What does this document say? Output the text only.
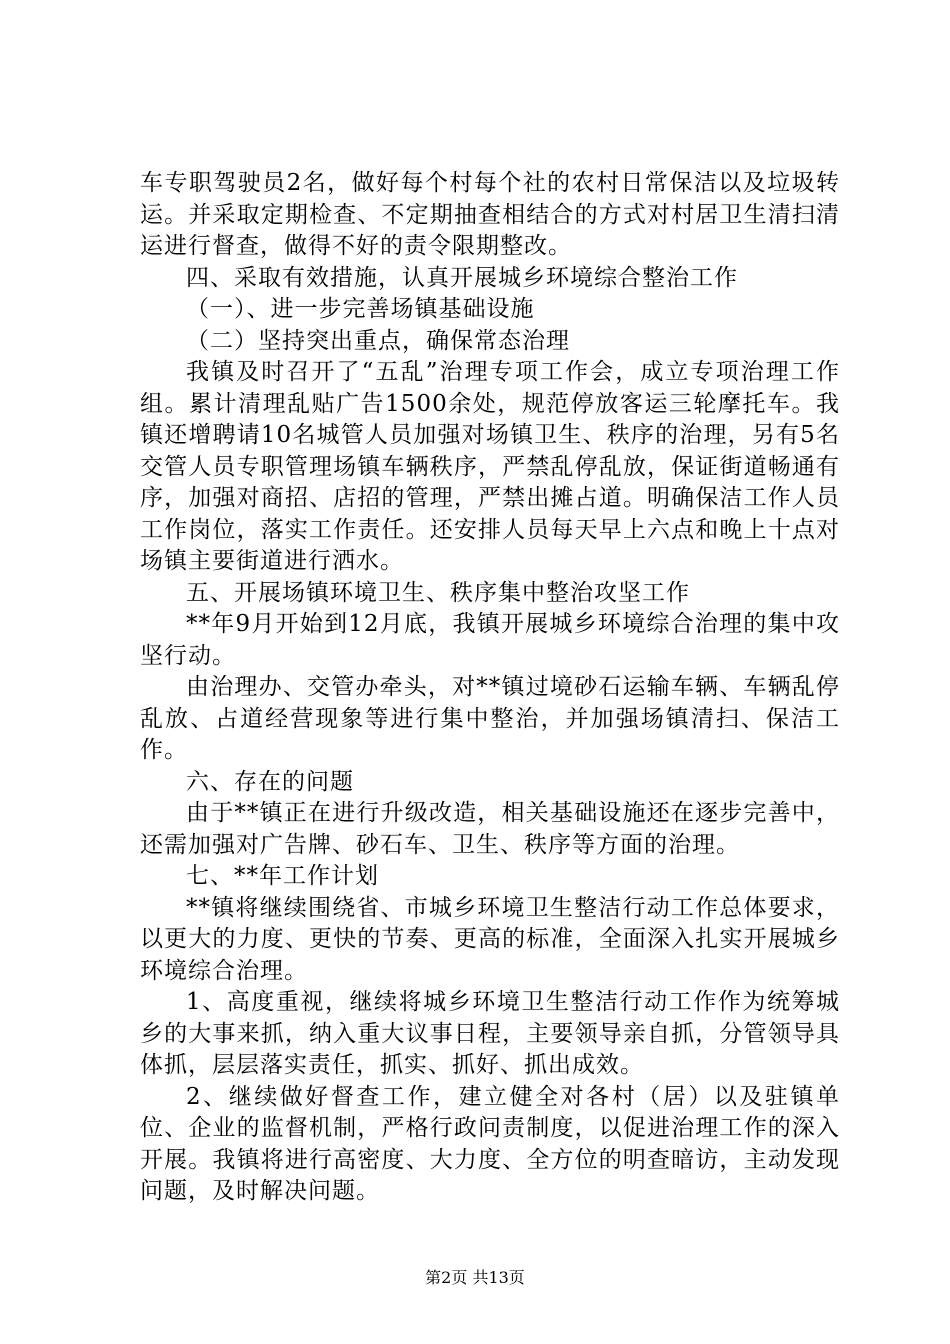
车专职驾驶员2名，做好每个村每个社的农村日常保洁以及垃圾转运。并采取定期检查、不定期抽查相结合的方式对村居卫生清扫清运进行督查，做得不好的责令限期整改。

四、采取有效措施，认真开展城乡环境综合整治工作

（一）、进一步完善场镇基础设施

（二）坚持突出重点，确保常态治理

我镇及时召开了“五乱”治理专项工作会，成立专项治理工作组。累计清理乱贴广告1500余处，规范停放客运三轮摩托车。我镇还增聘请10名城管人员加强对场镇卫生、秩序的治理，另有5名交管人员专职管理场镇车辆秩序，严禁乱停乱放，保证街道畅通有序，加强对商招、店招的管理，严禁出摊占道。明确保洁工作人员工作岗位，落实工作责任。还安排人员每天早上六点和晚上十点对场镇主要街道进行洒水。

五、开展场镇环境卫生、秩序集中整治攻坚工作

**年9月开始到12月底，我镇开展城乡环境综合治理的集中攻坚行动。

由治理办、交管办牵头，对**镇过境砂石运输车辆、车辆乱停乱放、占道经营现象等进行集中整治，并加强场镇清扫、保洁工作。

六、存在的问题

由于**镇正在进行升级改造，相关基础设施还在逐步完善中，还需加强对广告牌、砂石车、卫生、秩序等方面的治理。

七、**年工作计划

**镇将继续围绕省、市城乡环境卫生整洁行动工作总体要求，以更大的力度、更快的节奏、更高的标准，全面深入扎实开展城乡环境综合治理。

1、高度重视，继续将城乡环境卫生整洁行动工作作为统筹城乡的大事来抓，纳入重大议事日程，主要领导亲自抓，分管领导具体抓，层层落实责任，抓实、抓好、抓出成效。

2、继续做好督查工作，建立健全对各村（居）以及驻镇单位、企业的监督机制，严格行政问责制度，以促进治理工作的深入开展。我镇将进行高密度、大力度、全方位的明查暗访，主动发现问题，及时解决问题。

第2页 共13页
